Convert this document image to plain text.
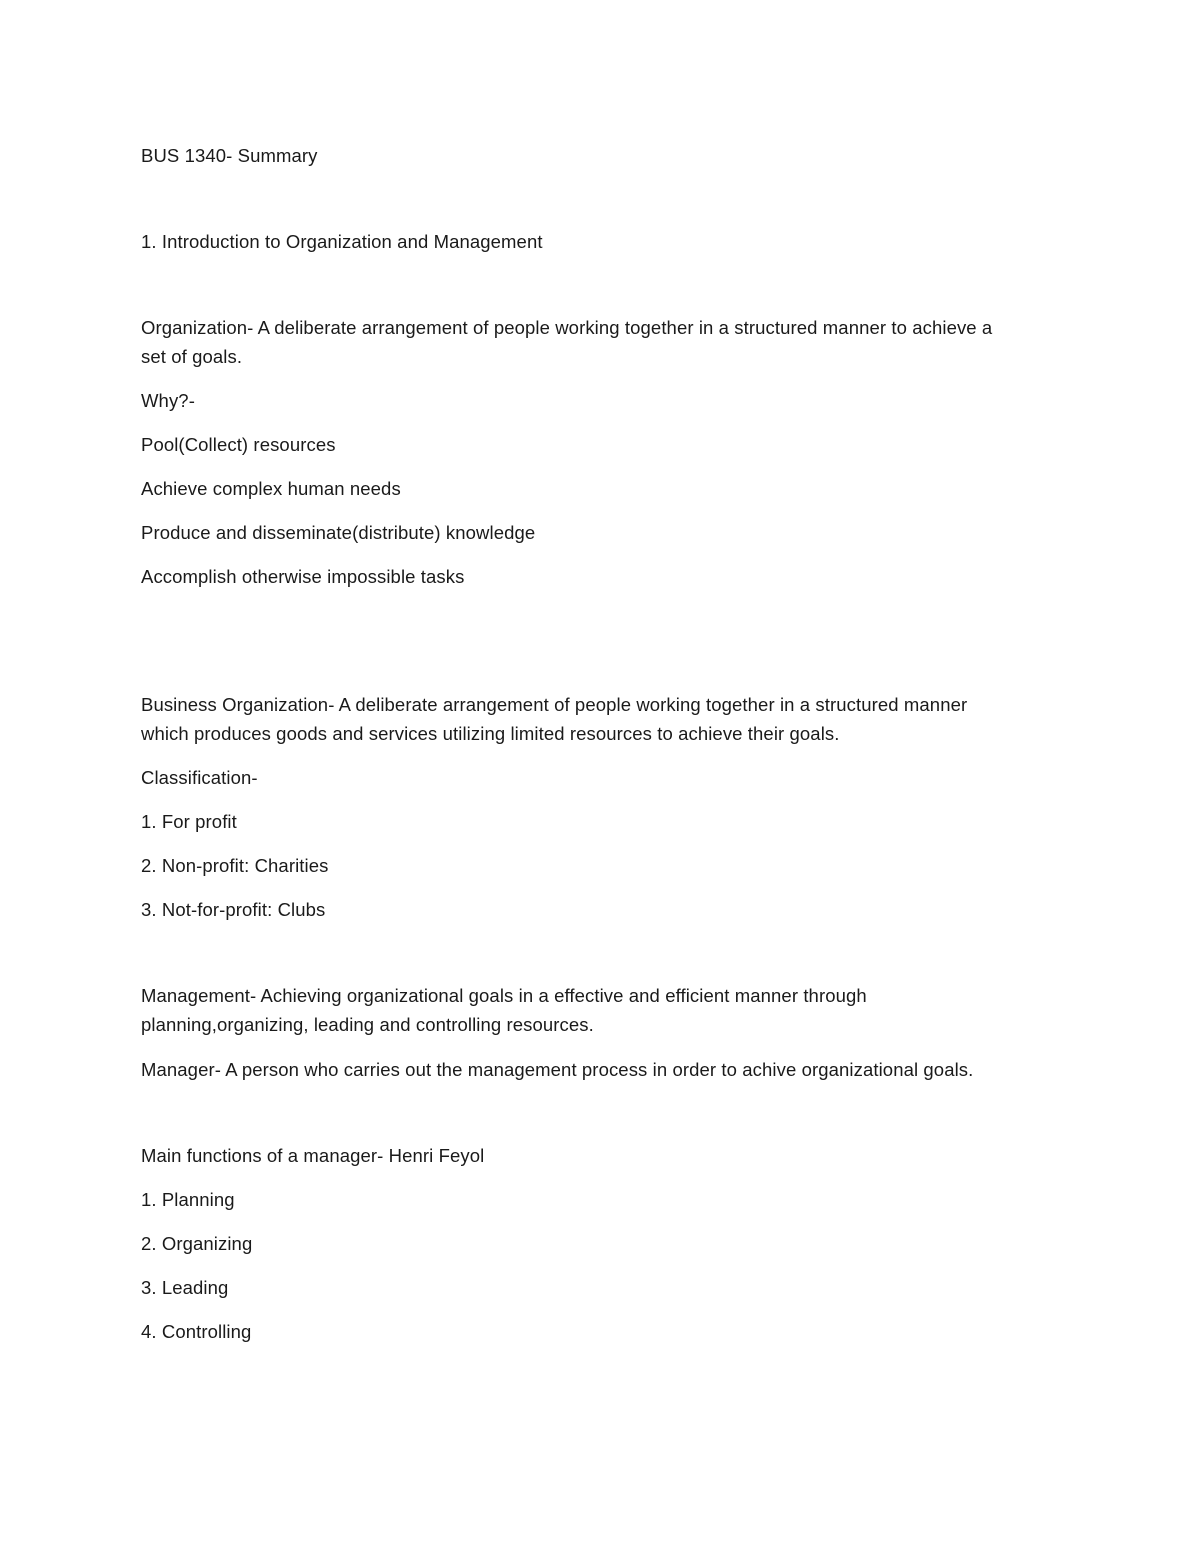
BUS 1340- Summary
1. Introduction to Organization and Management
Organization- A deliberate arrangement of people working together in a structured manner to achieve a
set of goals.
Why?-
Pool(Collect) resources
Achieve complex human needs
Produce and disseminate(distribute) knowledge
Accomplish otherwise impossible tasks
Business Organization- A deliberate arrangement of people working together in a structured manner
which produces goods and services utilizing limited resources to achieve their goals.
Classification-
1. For profit
2. Non-profit: Charities
3. Not-for-profit: Clubs
Management- Achieving organizational goals in a effective and efficient manner through
planning,organizing, leading and controlling resources.
Manager- A person who carries out the management process in order to achive organizational goals.
Main functions of a manager- Henri Feyol
1. Planning
2. Organizing
3. Leading
4. Controlling
